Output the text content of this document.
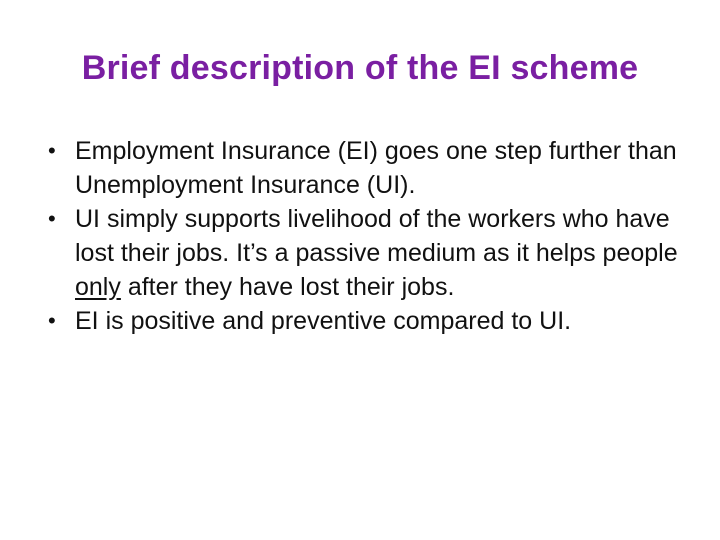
Brief description of the EI scheme
• Employment Insurance (EI) goes one step further than Unemployment Insurance (UI).
• UI simply supports livelihood of the workers who have lost their jobs. It’s a passive medium as it helps people only after they have lost their jobs.
• EI is positive and preventive compared to UI.
